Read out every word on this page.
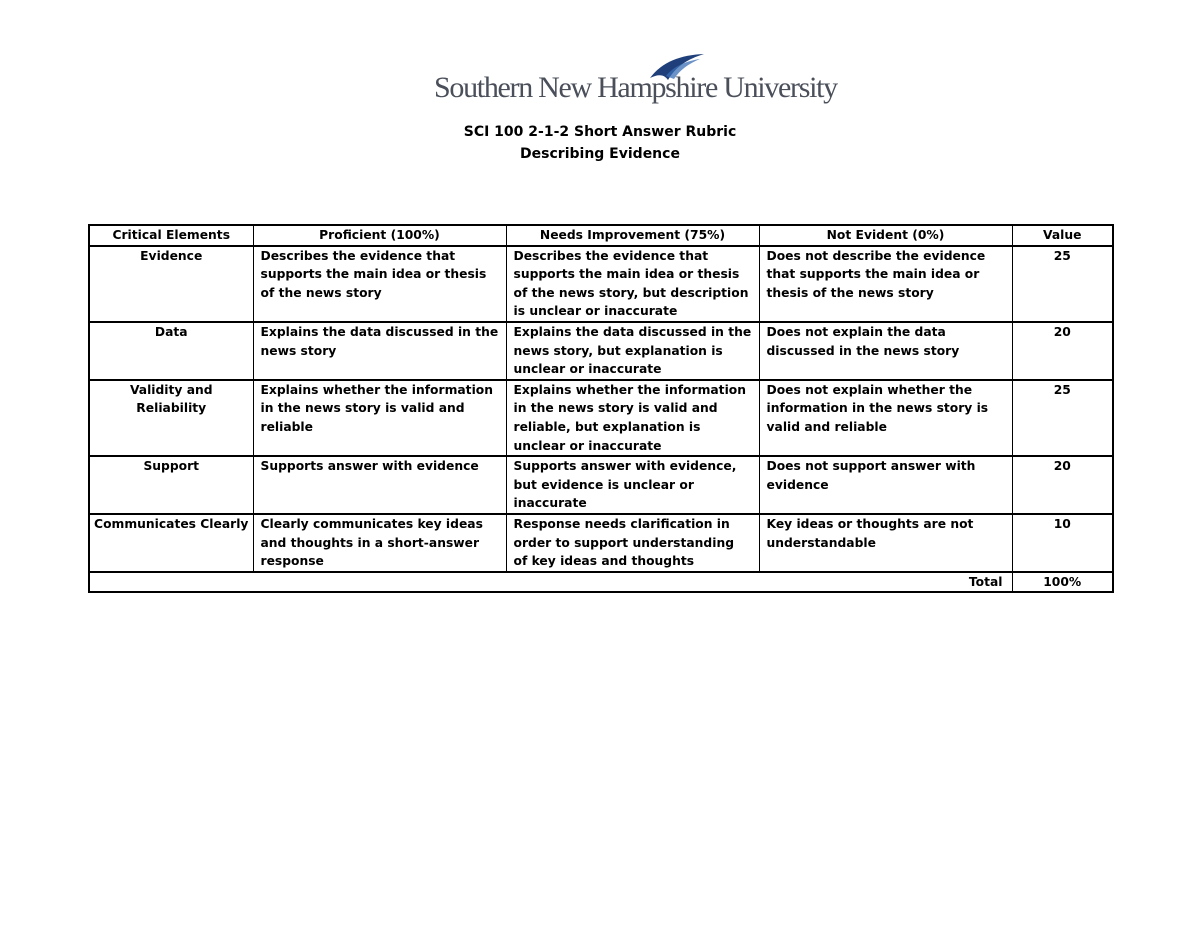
Southern New Hampshire University
SCI 100 2-1-2 Short Answer Rubric
Describing Evidence
Critical Elements	Proficient (100%)	Needs Improvement (75%)	Not Evident (0%)	Value
Evidence	Describes the evidence that supports the main idea or thesis of the news story	Describes the evidence that supports the main idea or thesis of the news story, but description is unclear or inaccurate	Does not describe the evidence that supports the main idea or thesis of the news story	25
Data	Explains the data discussed in the news story	Explains the data discussed in the news story, but explanation is unclear or inaccurate	Does not explain the data discussed in the news story	20
Validity and Reliability	Explains whether the information in the news story is valid and reliable	Explains whether the information in the news story is valid and reliable, but explanation is unclear or inaccurate	Does not explain whether the information in the news story is valid and reliable	25
Support	Supports answer with evidence	Supports answer with evidence, but evidence is unclear or inaccurate	Does not support answer with evidence	20
Communicates Clearly	Clearly communicates key ideas and thoughts in a short-answer response	Response needs clarification in order to support understanding of key ideas and thoughts	Key ideas or thoughts are not understandable	10
Total				100%
